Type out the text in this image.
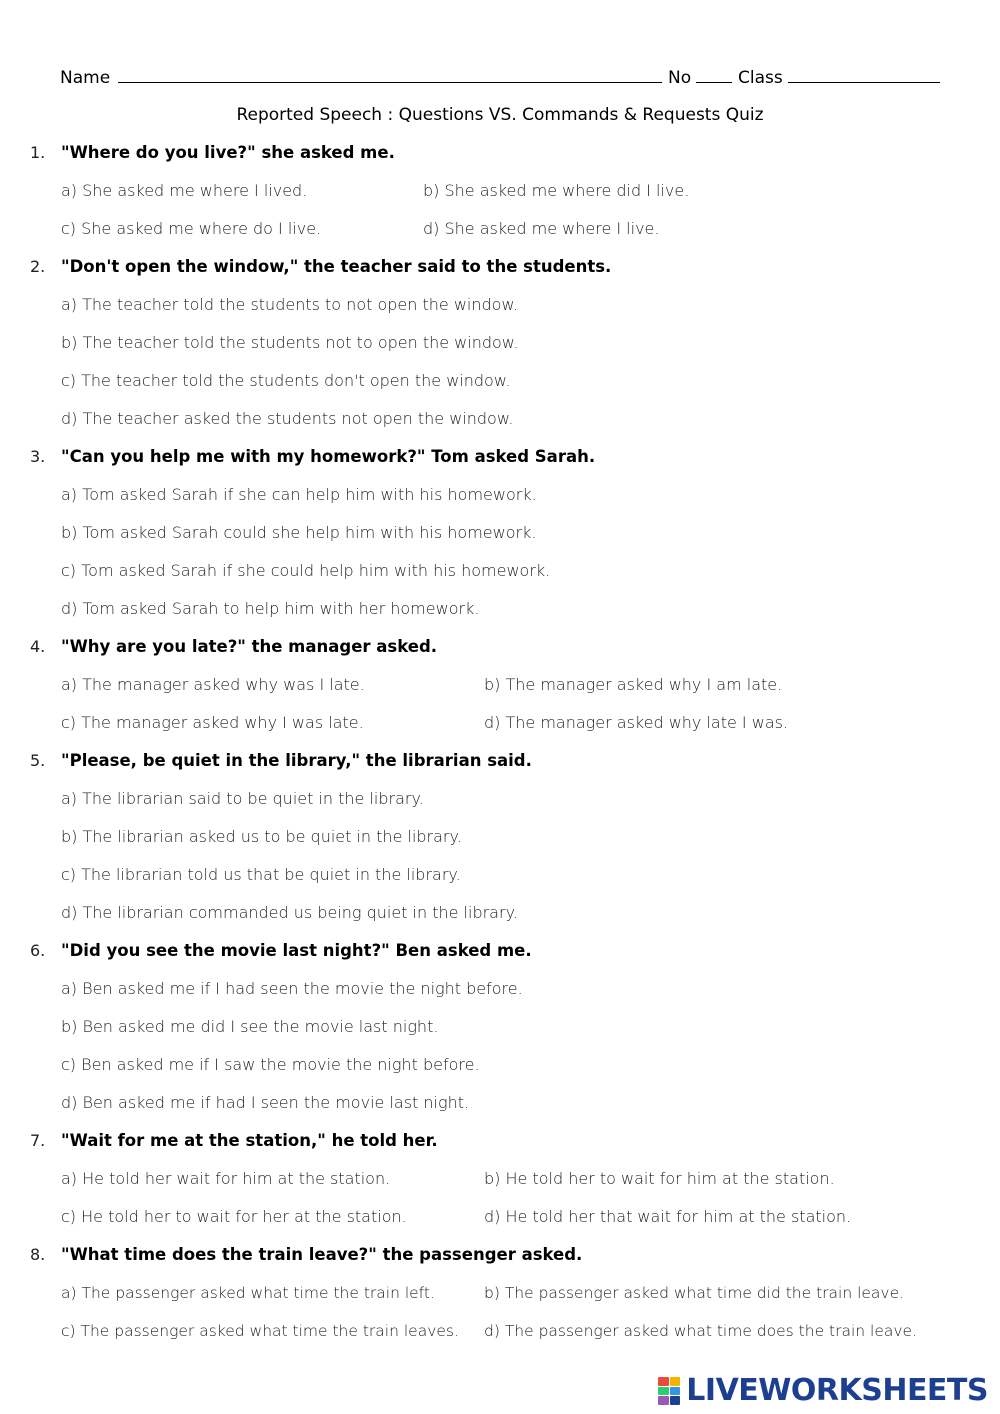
Name	No	Class
Reported Speech : Questions VS. Commands & Requests Quiz
1. "Where do you live?" she asked me.
a) She asked me where I lived.	b) She asked me where did I live.
c) She asked me where do I live.	d) She asked me where I live.
2. "Don't open the window," the teacher said to the students.
a) The teacher told the students to not open the window.
b) The teacher told the students not to open the window.
c) The teacher told the students don't open the window.
d) The teacher asked the students not open the window.
3. "Can you help me with my homework?" Tom asked Sarah.
a) Tom asked Sarah if she can help him with his homework.
b) Tom asked Sarah could she help him with his homework.
c) Tom asked Sarah if she could help him with his homework.
d) Tom asked Sarah to help him with her homework.
4. "Why are you late?" the manager asked.
a) The manager asked why was I late.	b) The manager asked why I am late.
c) The manager asked why I was late.	d) The manager asked why late I was.
5. "Please, be quiet in the library," the librarian said.
a) The librarian said to be quiet in the library.
b) The librarian asked us to be quiet in the library.
c) The librarian told us that be quiet in the library.
d) The librarian commanded us being quiet in the library.
6. "Did you see the movie last night?" Ben asked me.
a) Ben asked me if I had seen the movie the night before.
b) Ben asked me did I see the movie last night.
c) Ben asked me if I saw the movie the night before.
d) Ben asked me if had I seen the movie last night.
7. "Wait for me at the station," he told her.
a) He told her wait for him at the station.	b) He told her to wait for him at the station.
c) He told her to wait for her at the station.	d) He told her that wait for him at the station.
8. "What time does the train leave?" the passenger asked.
a) The passenger asked what time the train left.	b) The passenger asked what time did the train leave.
c) The passenger asked what time the train leaves. d) The passenger asked what time does the train leave.
LIVEWORKSHEETS
